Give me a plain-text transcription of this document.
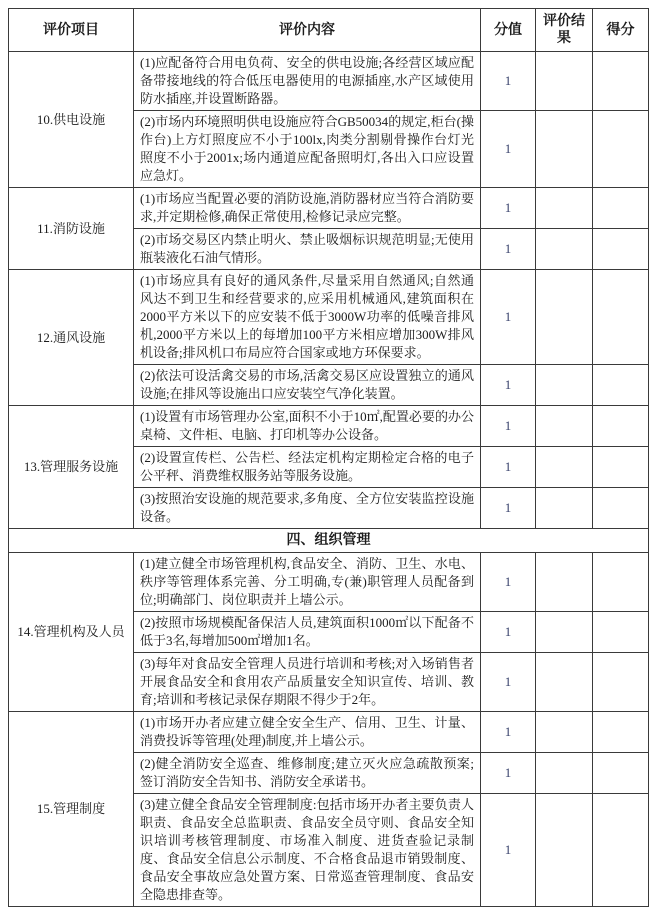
评价项目	评价内容	分值	评价结果	得分
10.供电设施	(1)应配备符合用电负荷、安全的供电设施;各经营区域应配备带接地线的符合低压电器使用的电源插座,水产区域使用防水插座,并设置断路器。	1		
	(2)市场内环境照明供电设施应符合GB50034的规定,柜台(操作台)上方灯照度应不小于100lx,肉类分割剔骨操作台灯光照度不小于2001x;场内通道应配备照明灯,各出入口应设置应急灯。	1		
11.消防设施	(1)市场应当配置必要的消防设施,消防器材应当符合消防要求,并定期检修,确保正常使用,检修记录应完整。	1		
	(2)市场交易区内禁止明火、禁止吸烟标识规范明显;无使用瓶装液化石油气情形。	1		
12.通风设施	(1)市场应具有良好的通风条件,尽量采用自然通风;自然通风达不到卫生和经营要求的,应采用机械通风,建筑面积在2000平方米以下的应安装不低于3000W功率的低噪音排风机,2000平方米以上的每增加100平方米相应增加300W排风机设备;排风机口布局应符合国家或地方环保要求。	1		
	(2)依法可设活禽交易的市场,活禽交易区应设置独立的通风设施;在排风等设施出口应安装空气净化装置。	1		
13.管理服务设施	(1)设置有市场管理办公室,面积不小于10㎡,配置必要的办公桌椅、文件柜、电脑、打印机等办公设备。	1		
	(2)设置宣传栏、公告栏、经法定机构定期检定合格的电子公平秤、消费维权服务站等服务设施。	1		
	(3)按照治安设施的规范要求,多角度、全方位安装监控设施设备。	1		
四、组织管理				
14.管理机构及人员	(1)建立健全市场管理机构,食品安全、消防、卫生、水电、秩序等管理体系完善、分工明确,专(兼)职管理人员配备到位;明确部门、岗位职责并上墙公示。	1		
	(2)按照市场规模配备保洁人员,建筑面积1000㎡以下配备不低于3名,每增加500㎡增加1名。	1		
	(3)每年对食品安全管理人员进行培训和考核;对入场销售者开展食品安全和食用农产品质量安全知识宣传、培训、教育;培训和考核记录保存期限不得少于2年。	1		
15.管理制度	(1)市场开办者应建立健全安全生产、信用、卫生、计量、消费投诉等管理(处理)制度,并上墙公示。	1		
	(2)健全消防安全巡查、维修制度;建立灭火应急疏散预案;签订消防安全告知书、消防安全承诺书。	1		
	(3)建立健全食品安全管理制度:包括市场开办者主要负责人职责、食品安全总监职责、食品安全员守则、食品安全知识培训考核管理制度、市场准入制度、进货查验记录制度、食品安全信息公示制度、不合格食品退市销毁制度、食品安全事故应急处置方案、日常巡查管理制度、食品安全隐患排查等。	1		
